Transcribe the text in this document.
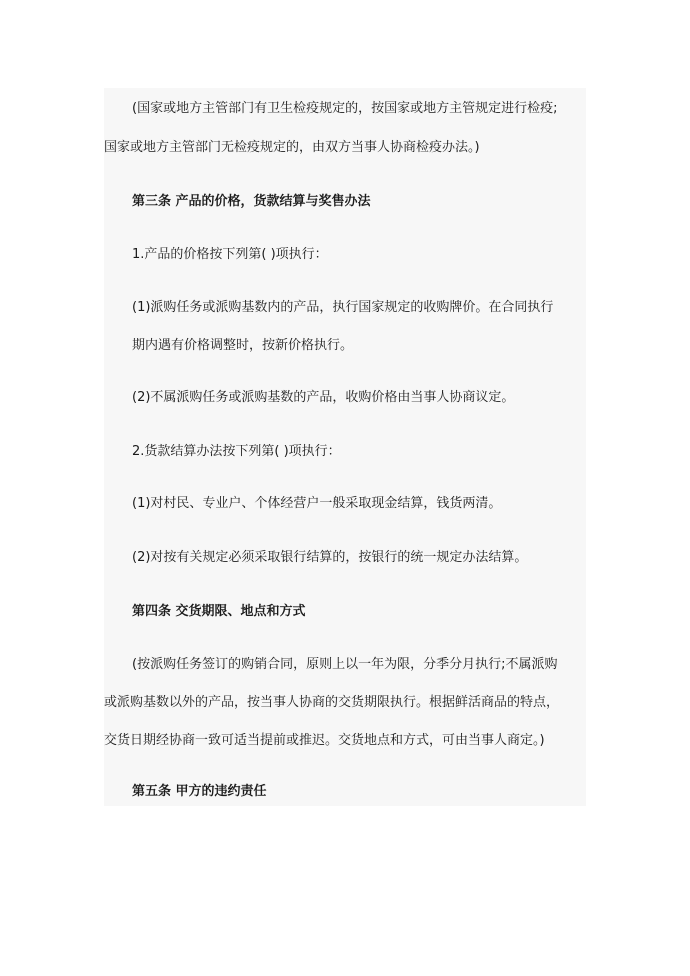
(国家或地方主管部门有卫生检疫规定的，按国家或地方主管规定进行检疫;
国家或地方主管部门无检疫规定的，由双方当事人协商检疫办法。)
第三条 产品的价格，货款结算与奖售办法
1.产品的价格按下列第( )项执行：
(1)派购任务或派购基数内的产品，执行国家规定的收购牌价。在合同执行
期内遇有价格调整时，按新价格执行。
(2)不属派购任务或派购基数的产品，收购价格由当事人协商议定。
2.货款结算办法按下列第( )项执行：
(1)对村民、专业户、个体经营户一般采取现金结算，钱货两清。
(2)对按有关规定必须采取银行结算的，按银行的统一规定办法结算。
第四条 交货期限、地点和方式
(按派购任务签订的购销合同，原则上以一年为限，分季分月执行;不属派购
或派购基数以外的产品，按当事人协商的交货期限执行。根据鲜活商品的特点，
交货日期经协商一致可适当提前或推迟。交货地点和方式，可由当事人商定。)
第五条 甲方的违约责任
